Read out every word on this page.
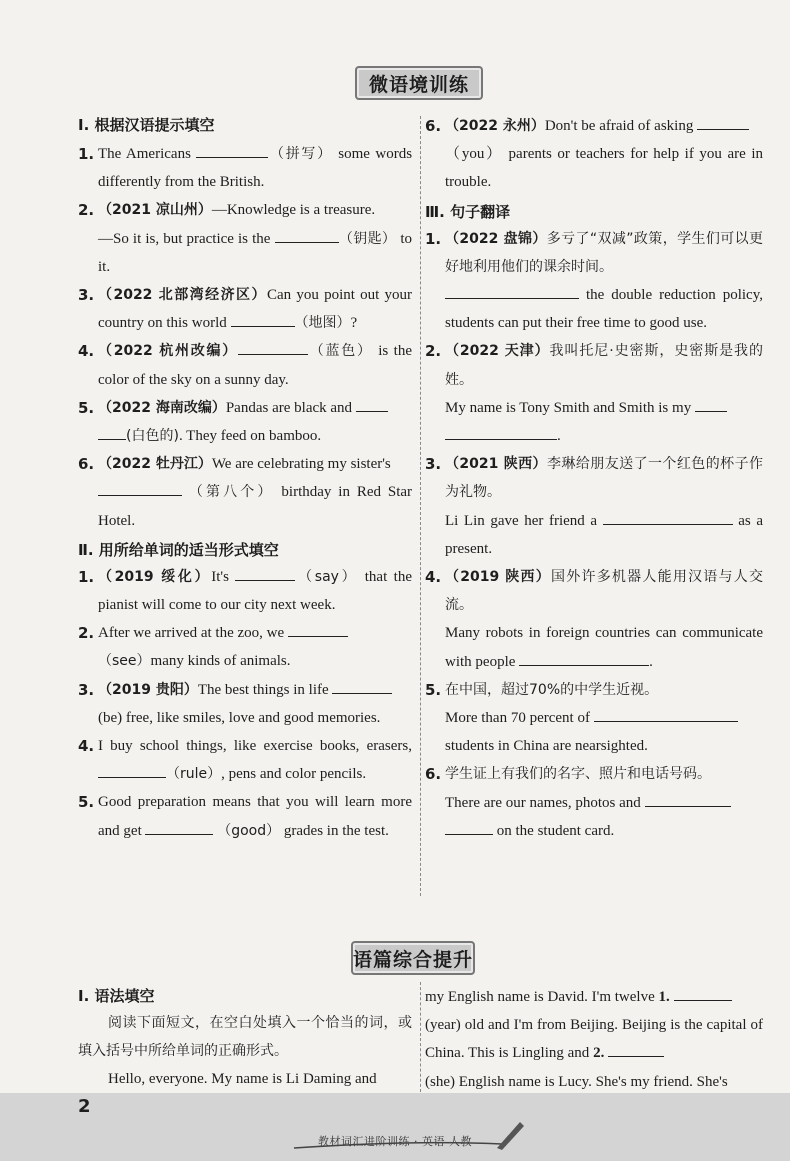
微语境训练
Ⅰ. 根据汉语提示填空
1. The Americans	（拼写） some words differently from the British.
2. （2021 凉山州）—Knowledge is a treasure.
—So it is, but practice is the	（钥匙） to it.
3. （2022 北部湾经济区）Can you point out your country on this world	（地图）?
4. （2022 杭州改编）	（蓝色） is the color of the sky on a sunny day.
5. （2022 海南改编）Pandas are black and
(白色的). They feed on bamboo.
6. （2022 牡丹江）We are celebrating my sister's
（第八个） birthday in Red Star Hotel.
Ⅱ. 用所给单词的适当形式填空
1. （2019 绥化）It's	（say） that the pianist will come to our city next week.
2. After we arrived at the zoo, we
（see）many kinds of animals.
3. （2019 贵阳）The best things in life
(be) free, like smiles, love and good memories.
4. I buy school things, like exercise books, erasers, （rule）, pens and color pencils.
5. Good preparation means that you will learn more and get	（good） grades in the test.
6. （2022 永州）Don't be afraid of asking
（you） parents or teachers for help if you are in trouble.
Ⅲ. 句子翻译
1. （2022 盘锦）多亏了“双减”政策，学生们可以更好地利用他们的课余时间。
the double reduction policy, students can put their free time to good use.
2. （2022 天津）我叫托尼·史密斯，史密斯是我的姓。
My name is Tony Smith and Smith is my
.
3. （2021 陕西）李琳给朋友送了一个红色的杯子作为礼物。
Li Lin gave her friend a	as a present.
4. （2019 陕西）国外许多机器人能用汉语与人交流。
Many robots in foreign countries can communicate with people	.
5. 在中国，超过70%的中学生近视。
More than 70 percent of
students in China are nearsighted.
6. 学生证上有我们的名字、照片和电话号码。
There are our names, photos and
on the student card.
语篇综合提升
Ⅰ. 语法填空
阅读下面短文，在空白处填入一个恰当的词，或填入括号中所给单词的正确形式。
Hello, everyone. My name is Li Daming and
my English name is David. I'm twelve 1.
(year) old and I'm from Beijing. Beijing is the capital of China. This is Lingling and 2.
(she) English name is Lucy. She's my friend. She's
2
教材词汇进阶训练 · 英语 人教
